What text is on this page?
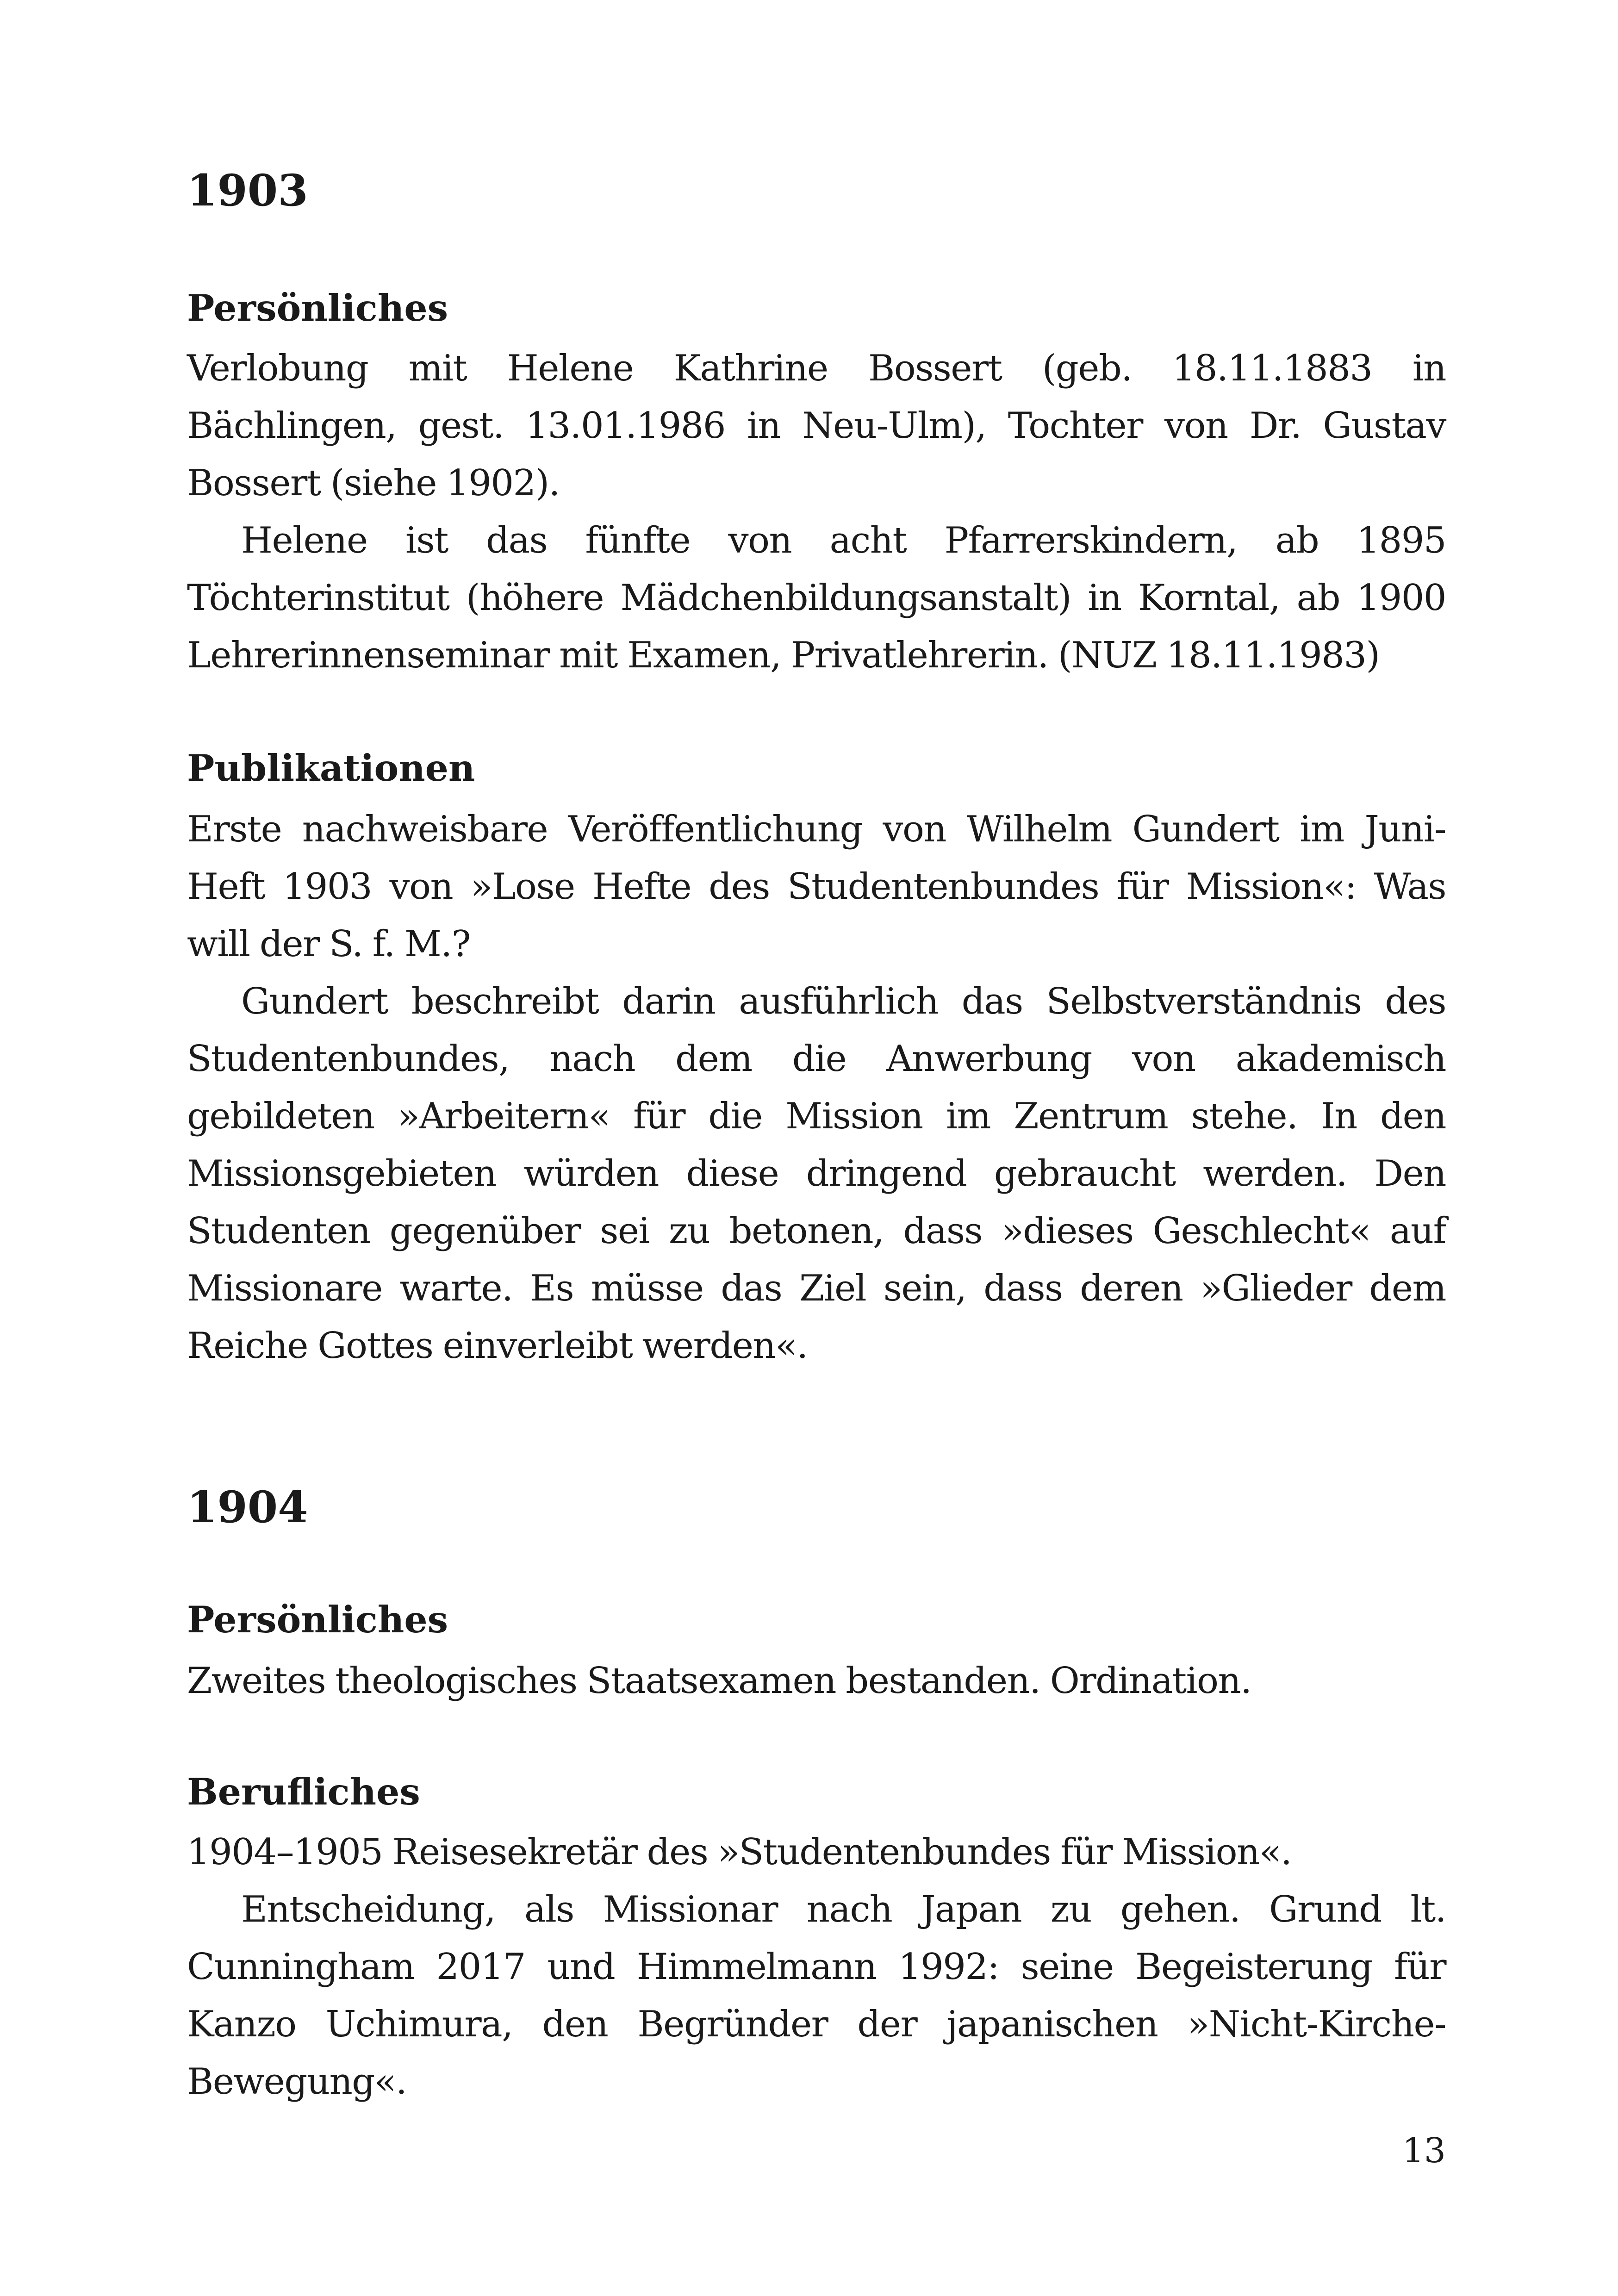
1903
Persönliches

Verlobung mit Helene Kathrine Bossert (geb. 18.11.1883 in Bächlingen, gest. 13.01.1986 in Neu-Ulm), Tochter von Dr. Gustav Bossert (siehe 1902).

Helene ist das fünfte von acht Pfarrerskindern, ab 1895 Töchterinstitut (höhere Mädchenbildungsanstalt) in Korntal, ab 1900 Lehrerinnenseminar mit Examen, Privatlehrerin. (NUZ 18.11.1983)

Publikationen

Erste nachweisbare Veröffentlichung von Wilhelm Gundert im Juni-Heft 1903 von »Lose Hefte des Studentenbundes für Mission«: Was will der S. f. M.?

Gundert beschreibt darin ausführlich das Selbstverständnis des Studentenbundes, nach dem die Anwerbung von akademisch gebildeten »Arbeitern« für die Mission im Zentrum stehe. In den Missionsgebieten würden diese dringend gebraucht werden. Den Studenten gegenüber sei zu betonen, dass »dieses Geschlecht« auf Missionare warte. Es müsse das Ziel sein, dass deren »Glieder dem Reiche Gottes einverleibt werden«.

1904
Persönliches

Zweites theologisches Staatsexamen bestanden. Ordination.

Berufliches

1904–1905 Reisesekretär des »Studentenbundes für Mission«.

Entscheidung, als Missionar nach Japan zu gehen. Grund lt. Cunningham 2017 und Himmelmann 1992: seine Begeisterung für Kanzo Uchimura, den Begründer der japanischen »Nicht-Kirche-Bewegung«.

13
